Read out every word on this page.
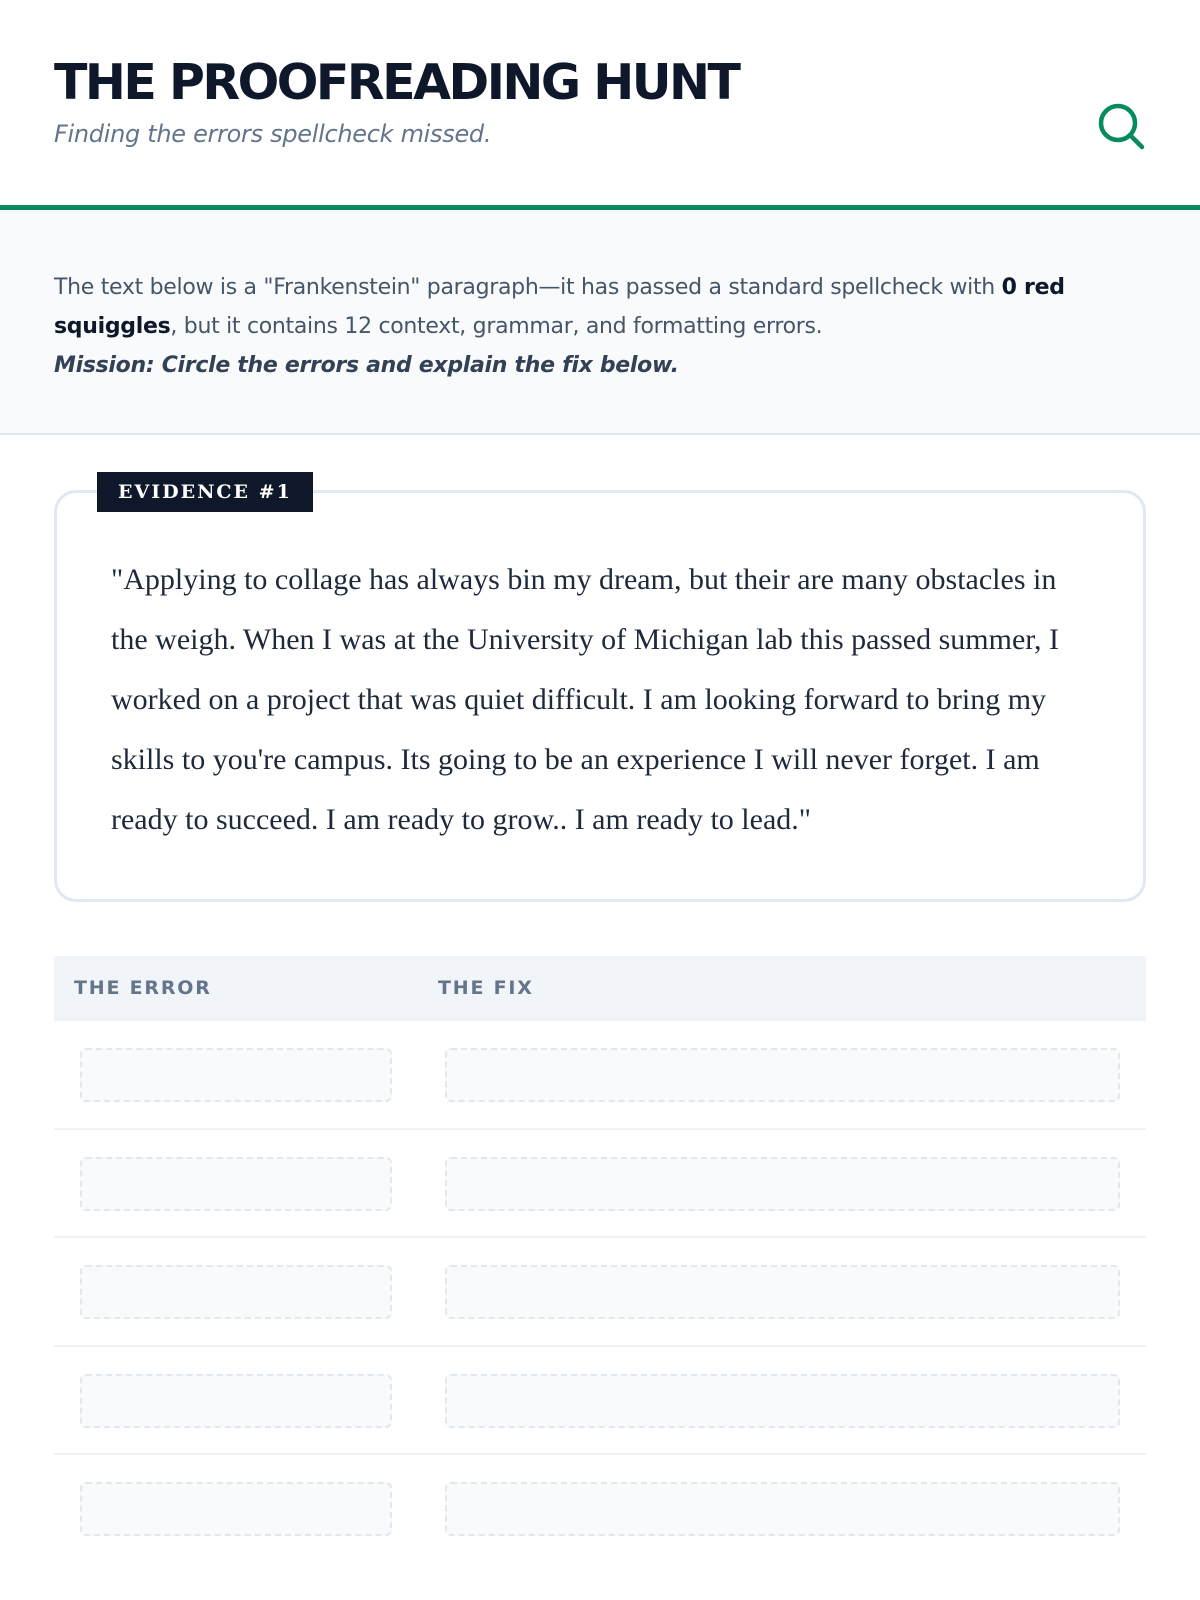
THE PROOFREADING HUNT
Finding the errors spellcheck missed.

The text below is a "Frankenstein" paragraph—it has passed a standard spellcheck with 0 red squiggles, but it contains 12 context, grammar, and formatting errors.
Mission: Circle the errors and explain the fix below.

"Applying to collage has always bin my dream, but their are many obstacles in the weigh. When I was at the University of Michigan lab this passed summer, I worked on a project that was quiet difficult. I am looking forward to bring my skills to you're campus. Its going to be an experience I will never forget. I am ready to succeed. I am ready to grow.. I am ready to lead."
EVIDENCE #1
THE ERROR	THE FIX
